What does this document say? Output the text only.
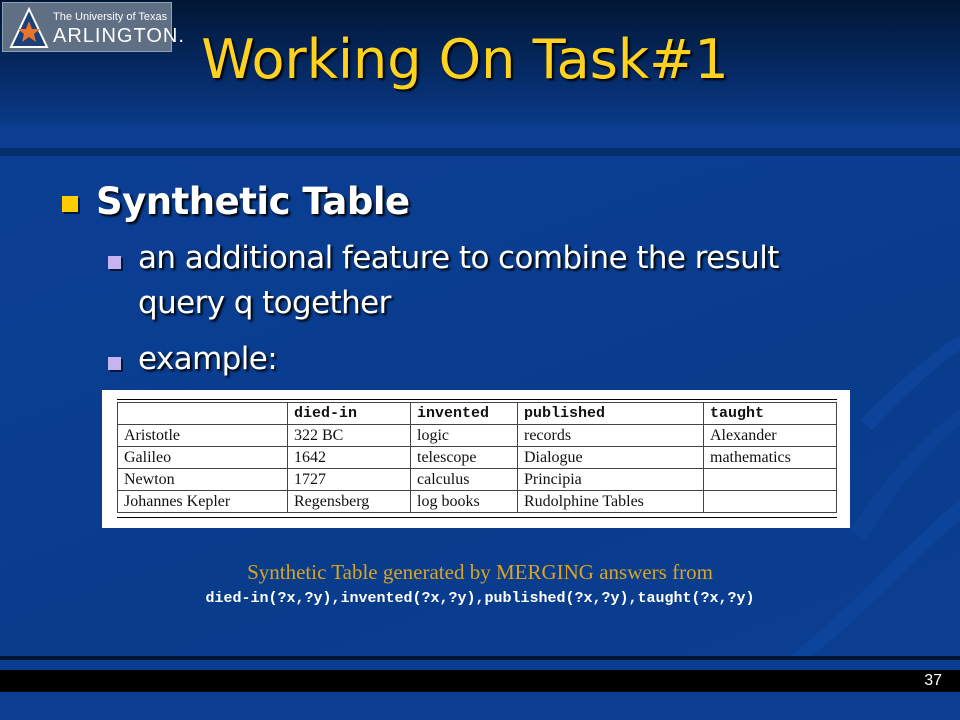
37
The University of Texas
ARLINGTON. Working On Task#1
Synthetic Table
an additional feature to combine the result
query q together
example:
	died-in	invented	published	taught
Aristotle	322 BC	logic	records	Alexander
Galileo	1642	telescope	Dialogue	mathematics
Newton	1727	calculus	Principia	
Johannes Kepler	Regensberg	log books	Rudolphine Tables	
Synthetic Table generated by MERGING answers from
died-in(?x,?y),invented(?x,?y),published(?x,?y),taught(?x,?y)
